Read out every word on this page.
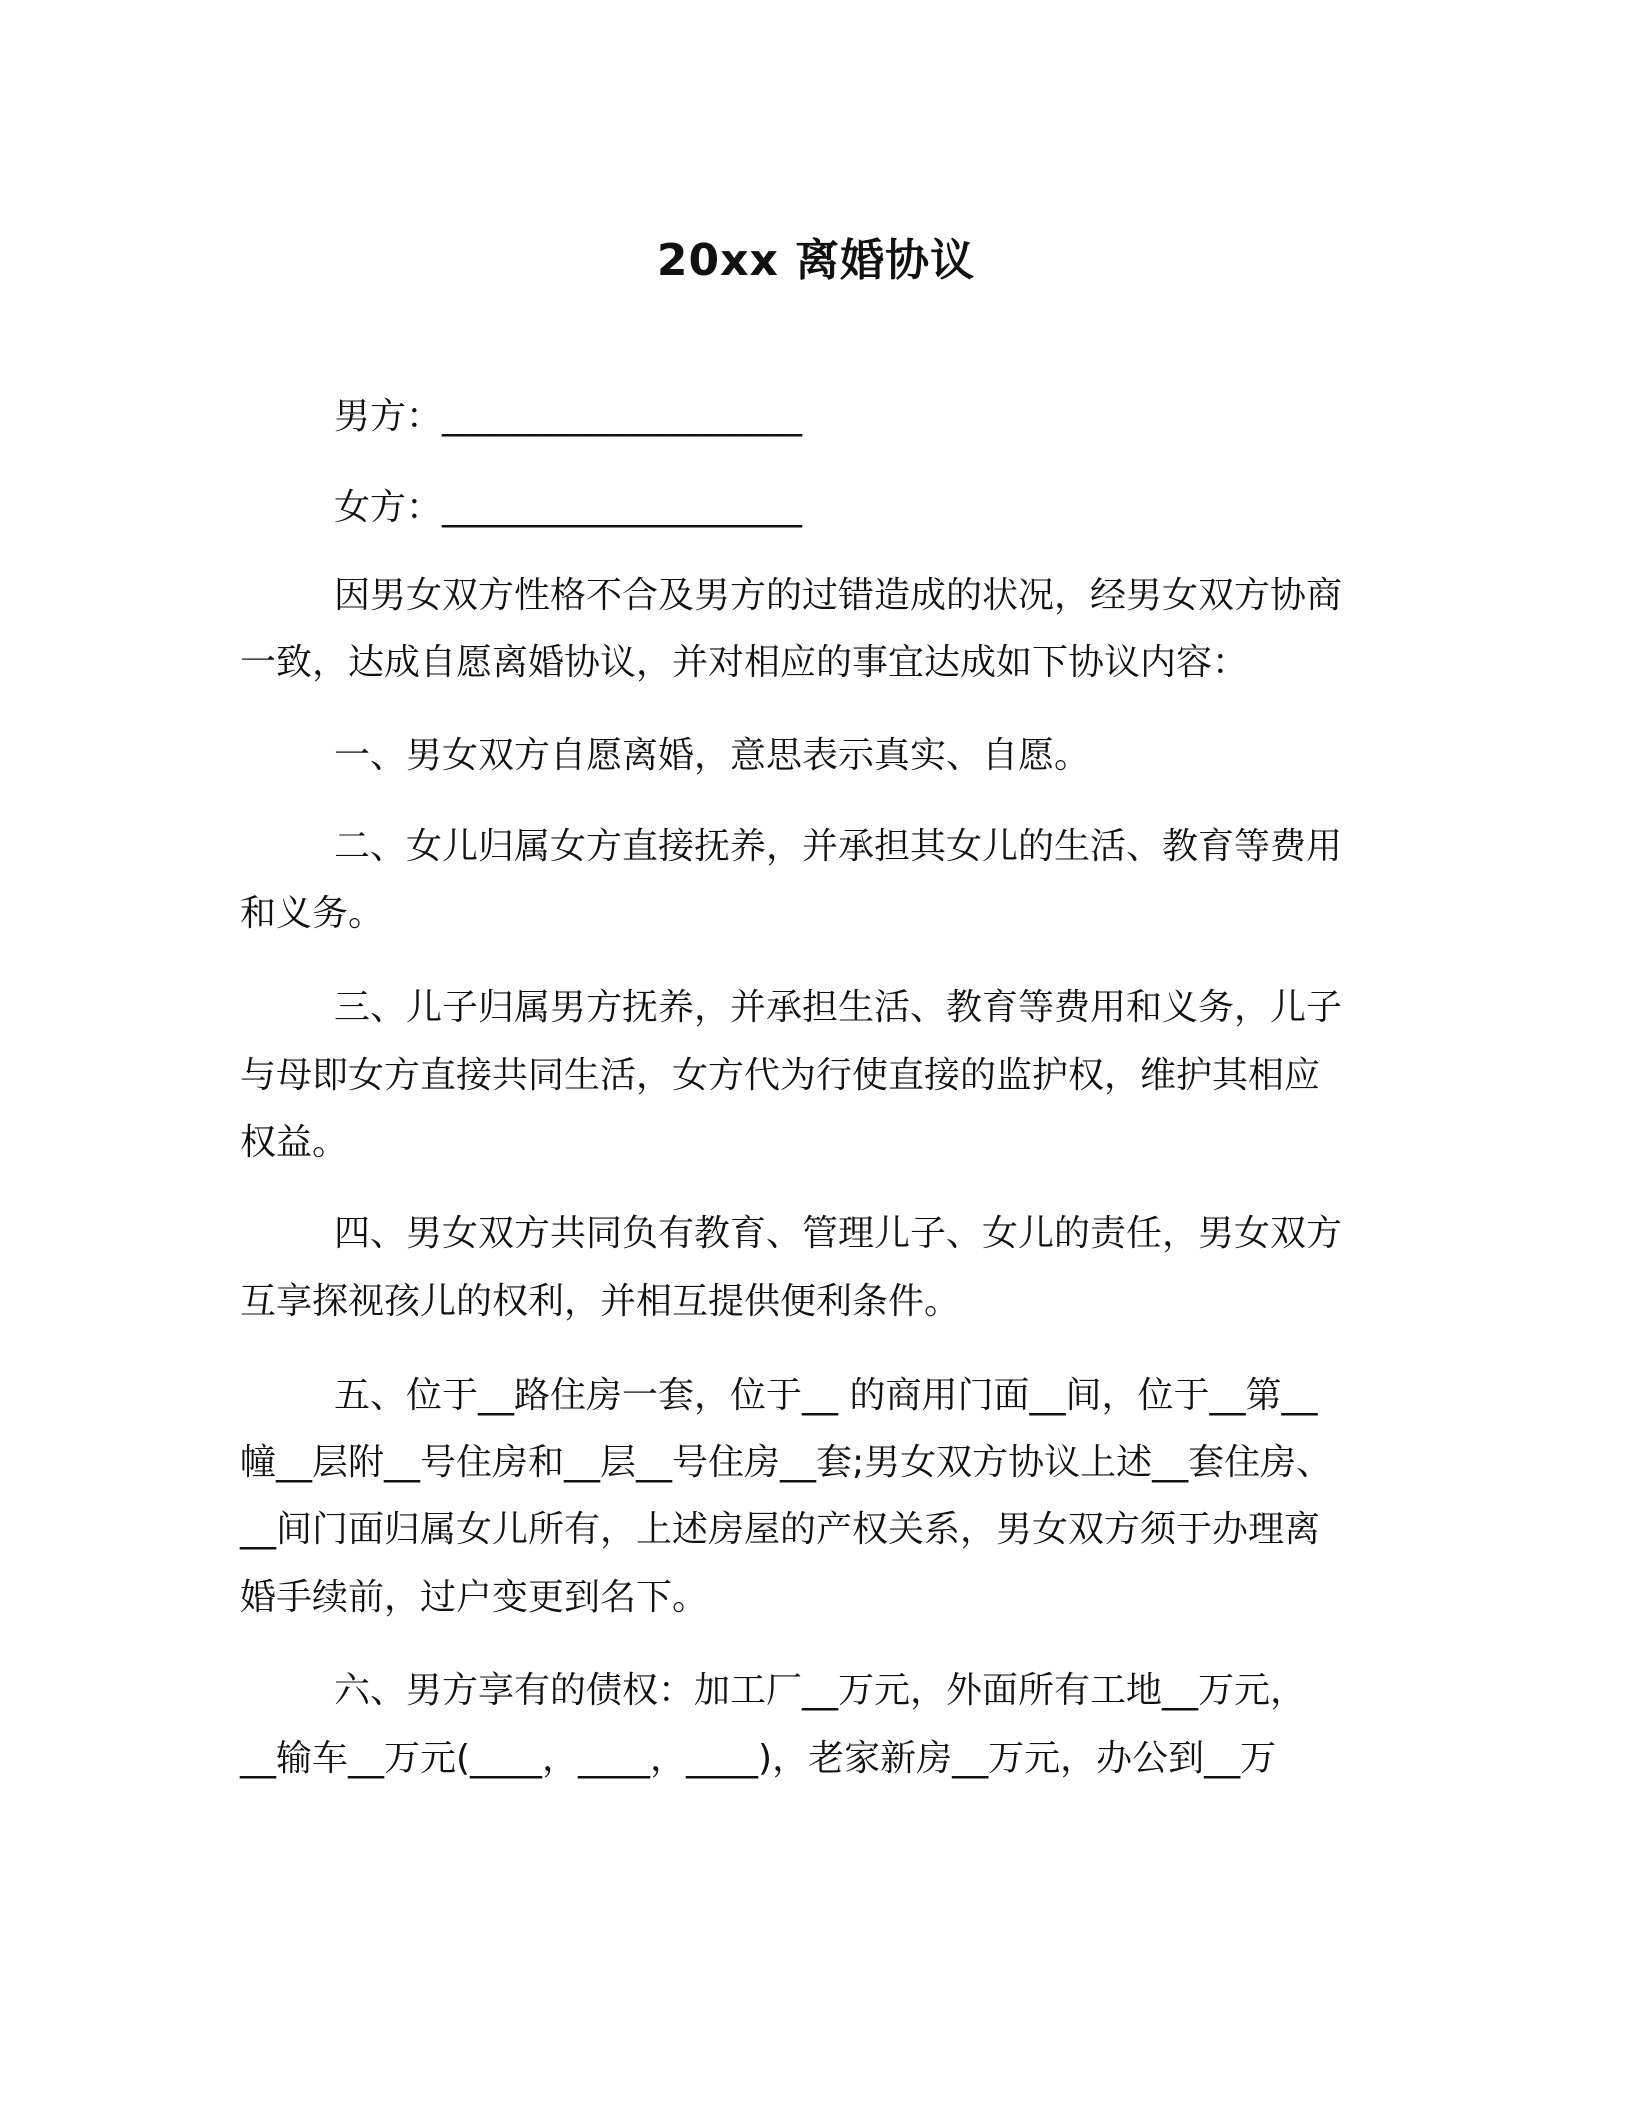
20xx 离婚协议
男方：____________________
女方：____________________
因男女双方性格不合及男方的过错造成的状况，经男女双方协商
一致，达成自愿离婚协议，并对相应的事宜达成如下协议内容：
一、男女双方自愿离婚，意思表示真实、自愿。
二、女儿归属女方直接抚养，并承担其女儿的生活、教育等费用
和义务。
三、儿子归属男方抚养，并承担生活、教育等费用和义务，儿子
与母即女方直接共同生活，女方代为行使直接的监护权，维护其相应
权益。
四、男女双方共同负有教育、管理儿子、女儿的责任，男女双方
互享探视孩儿的权利，并相互提供便利条件。
五、位于__路住房一套，位于__ 的商用门面__间，位于__第__
幢__层附__号住房和__层__号住房__套;男女双方协议上述__套住房、
__间门面归属女儿所有，上述房屋的产权关系，男女双方须于办理离
婚手续前，过户变更到名下。
六、男方享有的债权：加工厂__万元，外面所有工地__万元，
__输车__万元(____，____，____)，老家新房__万元，办公到__万
